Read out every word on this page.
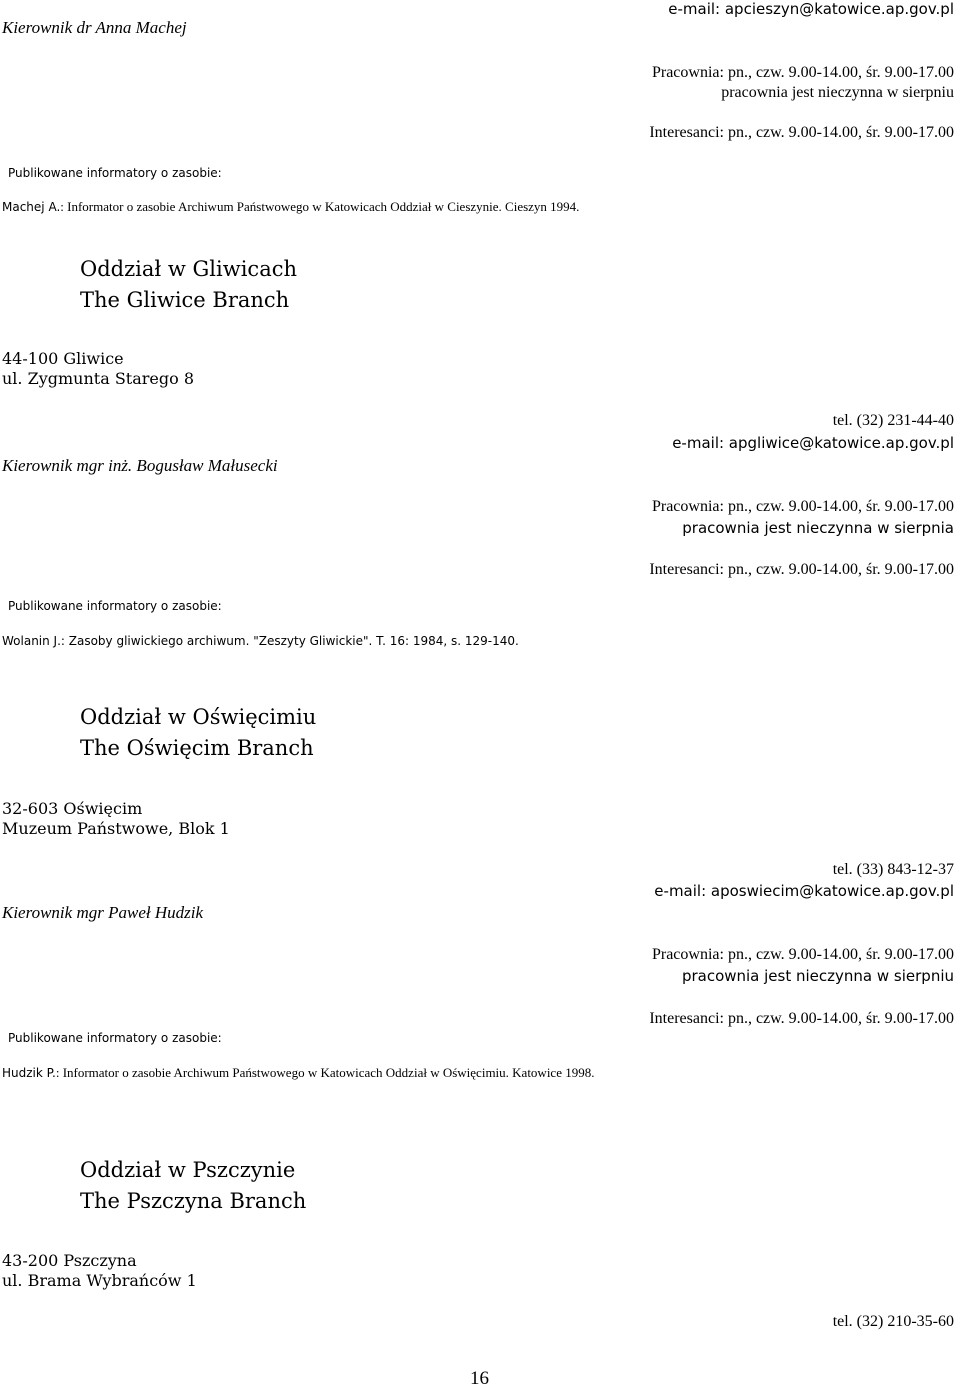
Kierownik dr Anna Machej
e-mail: apcieszyn@katowice.ap.gov.pl
Pracownia: pn., czw. 9.00-14.00, śr. 9.00-17.00
pracownia jest nieczynna w sierpniu
Interesanci: pn., czw. 9.00-14.00, śr. 9.00-17.00
Publikowane informatory o zasobie:
Machej A.: Informator o zasobie Archiwum Państwowego w Katowicach Oddział w Cieszynie. Cieszyn 1994.
Oddział w Gliwicach
The Gliwice Branch
44-100 Gliwice
ul. Zygmunta Starego 8
Kierownik mgr inż. Bogusław Małusecki
tel. (32) 231-44-40
e-mail: apgliwice@katowice.ap.gov.pl
Pracownia: pn., czw. 9.00-14.00, śr. 9.00-17.00
pracownia jest nieczynna w sierpnia
Interesanci: pn., czw. 9.00-14.00, śr. 9.00-17.00
Publikowane informatory o zasobie:
Wolanin J.: Zasoby gliwickiego archiwum. "Zeszyty Gliwickie". T. 16: 1984, s. 129-140.
Oddział w Oświęcimiu
The Oświęcim Branch
32-603 Oświęcim
Muzeum Państwowe, Blok 1
Kierownik mgr Paweł Hudzik
tel. (33) 843-12-37
e-mail: aposwiecim@katowice.ap.gov.pl
Pracownia: pn., czw. 9.00-14.00, śr. 9.00-17.00
pracownia jest nieczynna w sierpniu
Interesanci: pn., czw. 9.00-14.00, śr. 9.00-17.00
Publikowane informatory o zasobie:
Hudzik P.: Informator o zasobie Archiwum Państwowego w Katowicach Oddział w Oświęcimiu. Katowice 1998.
Oddział w Pszczynie
The Pszczyna Branch
43-200 Pszczyna
ul. Brama Wybrańców 1
tel. (32) 210-35-60
16
